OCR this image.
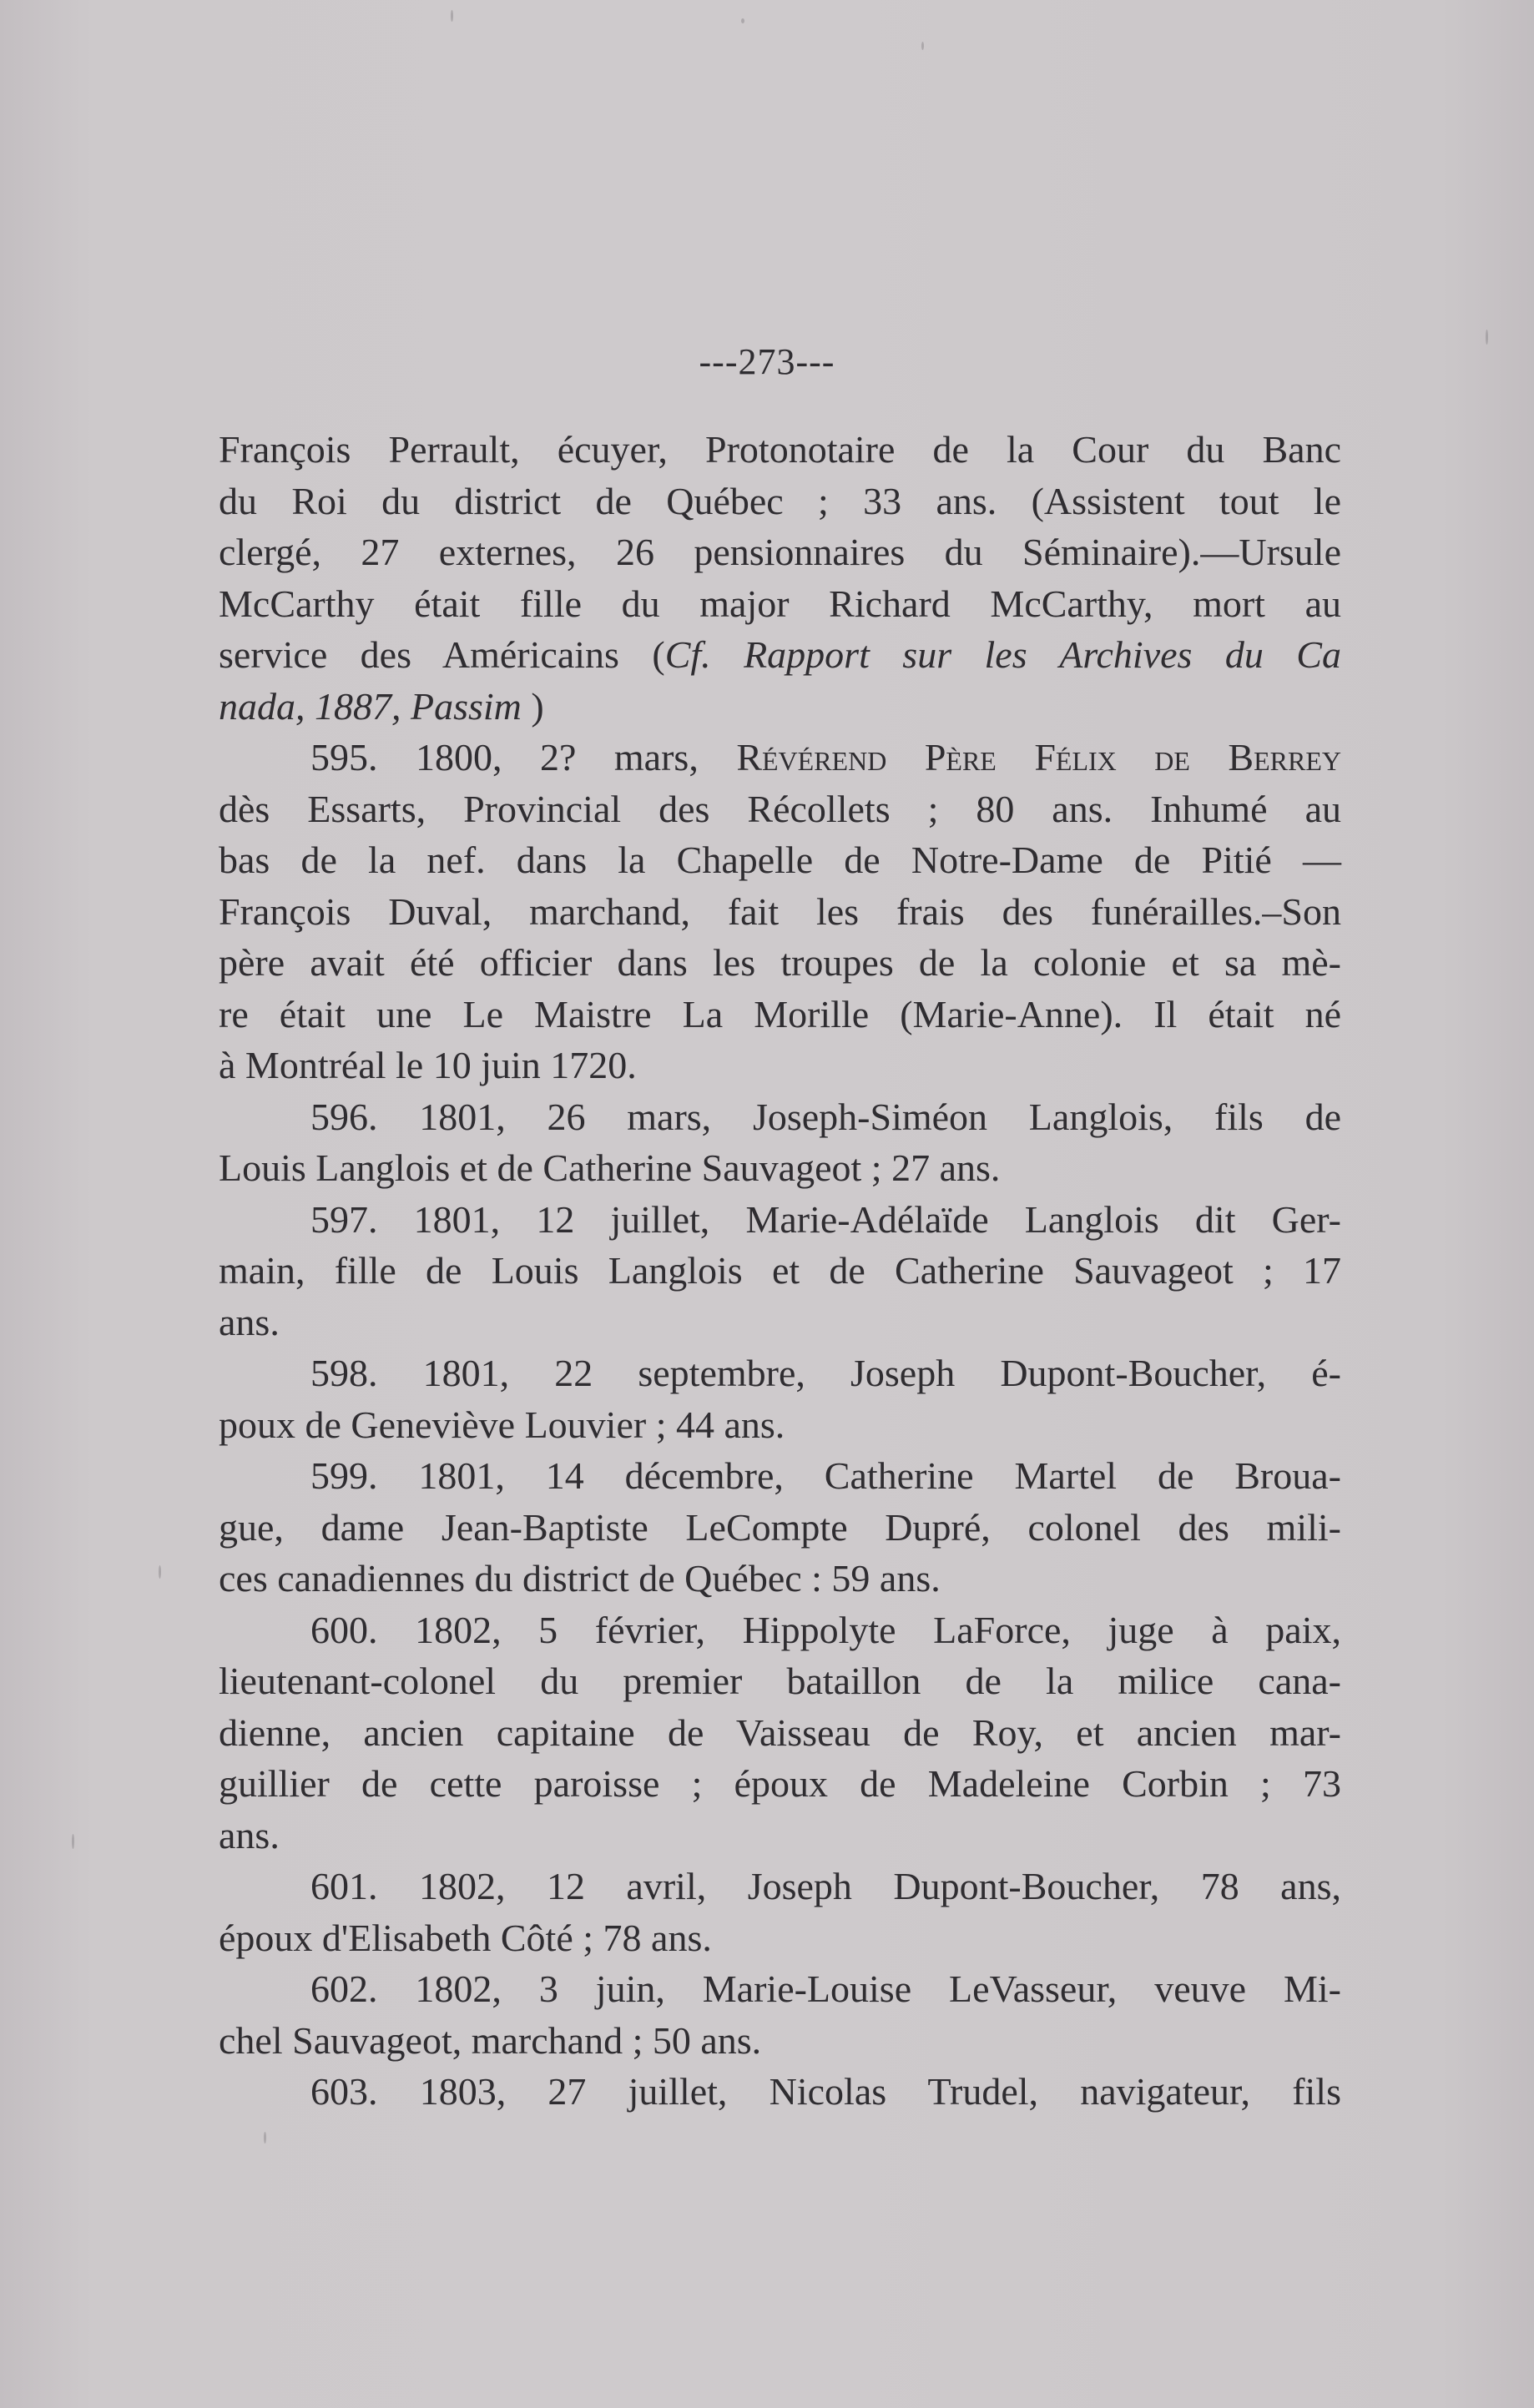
---273---
François Perrault, écuyer, Protonotaire de la Cour du Banc
du Roi du district de Québec ; 33 ans. (Assistent tout le
clergé, 27 externes, 26 pensionnaires du Séminaire).—Ursule
McCarthy était fille du major Richard McCarthy, mort au
service des Américains (Cf. Rapport sur les Archives du Ca
nada, 1887, Passim )
595. 1800, 2? mars, Révérend Père Félix de Berrey
dès Essarts, Provincial des Récollets ; 80 ans. Inhumé au
bas de la nef. dans la Chapelle de Notre-Dame de Pitié —
François Duval, marchand, fait les frais des funérailles.–Son
père avait été officier dans les troupes de la colonie et sa mè-
re était une Le Maistre La Morille (Marie-Anne). Il était né
à Montréal le 10 juin 1720.
596. 1801, 26 mars, Joseph-Siméon Langlois, fils de
Louis Langlois et de Catherine Sauvageot ; 27 ans.
597. 1801, 12 juillet, Marie-Adélaïde Langlois dit Ger-
main, fille de Louis Langlois et de Catherine Sauvageot ; 17
ans.
598. 1801, 22 septembre, Joseph Dupont-Boucher, é-
poux de Geneviève Louvier ; 44 ans.
599. 1801, 14 décembre, Catherine Martel de Broua-
gue, dame Jean-Baptiste LeCompte Dupré, colonel des mili-
ces canadiennes du district de Québec : 59 ans.
600. 1802, 5 février, Hippolyte LaForce, juge à paix,
lieutenant-colonel du premier bataillon de la milice cana-
dienne, ancien capitaine de Vaisseau de Roy, et ancien mar-
guillier de cette paroisse ; époux de Madeleine Corbin ; 73
ans.
601. 1802, 12 avril, Joseph Dupont-Boucher, 78 ans,
époux d'Elisabeth Côté ; 78 ans.
602. 1802, 3 juin, Marie-Louise LeVasseur, veuve Mi-
chel Sauvageot, marchand ; 50 ans.
603. 1803, 27 juillet, Nicolas Trudel, navigateur, fils
